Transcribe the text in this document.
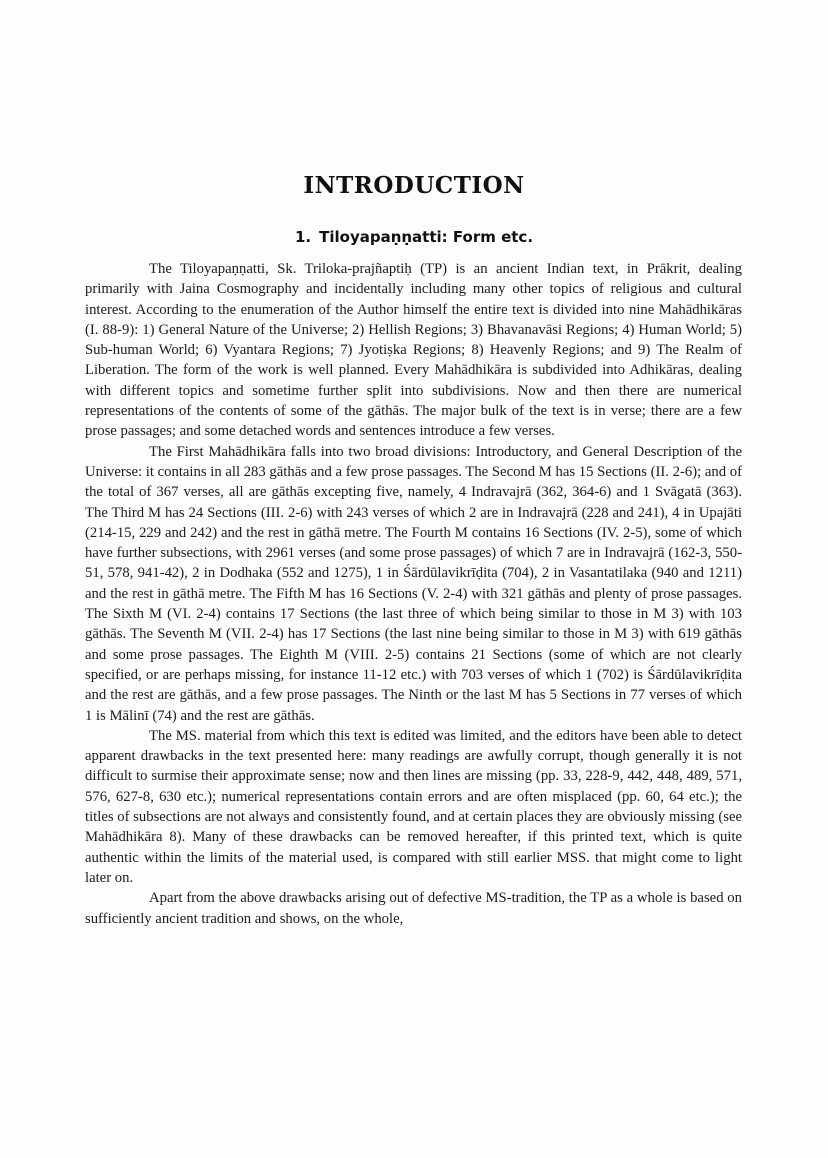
INTRODUCTION
1. Tiloyapaṇṇatti: Form etc.

The Tiloyapaṇṇatti, Sk. Triloka-prajñaptiḥ (TP) is an ancient Indian text, in Prākrit, dealing primarily with Jaina Cosmography and incidentally including many other topics of religious and cultural interest. According to the enumeration of the Author himself the entire text is divided into nine Mahādhikāras (I. 88-9): 1) General Nature of the Universe; 2) Hellish Regions; 3) Bhavanavāsi Regions; 4) Human World; 5) Sub-human World; 6) Vyantara Regions; 7) Jyotiṣka Regions; 8) Heavenly Regions; and 9) The Realm of Liberation. The form of the work is well planned. Every Mahādhikāra is subdivided into Adhikāras, dealing with different topics and sometime further split into subdivisions. Now and then there are numerical representations of the contents of some of the gāthās. The major bulk of the text is in verse; there are a few prose passages; and some detached words and sentences introduce a few verses.

The First Mahādhikāra falls into two broad divisions: Introductory, and General Description of the Universe: it contains in all 283 gāthās and a few prose passages. The Second M has 15 Sections (II. 2-6); and of the total of 367 verses, all are gāthās excepting five, namely, 4 Indravajrā (362, 364-6) and 1 Svāgatā (363). The Third M has 24 Sections (III. 2-6) with 243 verses of which 2 are in Indravajrā (228 and 241), 4 in Upajāti (214-15, 229 and 242) and the rest in gāthā metre. The Fourth M contains 16 Sections (IV. 2-5), some of which have further subsections, with 2961 verses (and some prose passages) of which 7 are in Indravajrā (162-3, 550-51, 578, 941-42), 2 in Dodhaka (552 and 1275), 1 in Śārdūlavikrīḍita (704), 2 in Vasantatilaka (940 and 1211) and the rest in gāthā metre. The Fifth M has 16 Sections (V. 2-4) with 321 gāthās and plenty of prose passages. The Sixth M (VI. 2-4) contains 17 Sections (the last three of which being similar to those in M 3) with 103 gāthās. The Seventh M (VII. 2-4) has 17 Sections (the last nine being similar to those in M 3) with 619 gāthās and some prose passages. The Eighth M (VIII. 2-5) contains 21 Sections (some of which are not clearly specified, or are perhaps missing, for instance 11-12 etc.) with 703 verses of which 1 (702) is Śārdūlavikrīḍita and the rest are gāthās, and a few prose passages. The Ninth or the last M has 5 Sections in 77 verses of which 1 is Mālinī (74) and the rest are gāthās.

The MS. material from which this text is edited was limited, and the editors have been able to detect apparent drawbacks in the text presented here: many readings are awfully corrupt, though generally it is not difficult to surmise their approximate sense; now and then lines are missing (pp. 33, 228-9, 442, 448, 489, 571, 576, 627-8, 630 etc.); numerical representations contain errors and are often misplaced (pp. 60, 64 etc.); the titles of subsections are not always and consistently found, and at certain places they are obviously missing (see Mahādhikāra 8). Many of these drawbacks can be removed hereafter, if this printed text, which is quite authentic within the limits of the material used, is compared with still earlier MSS. that might come to light later on.

Apart from the above drawbacks arising out of defective MS-tradition, the TP as a whole is based on sufficiently ancient tradition and shows, on the whole,
